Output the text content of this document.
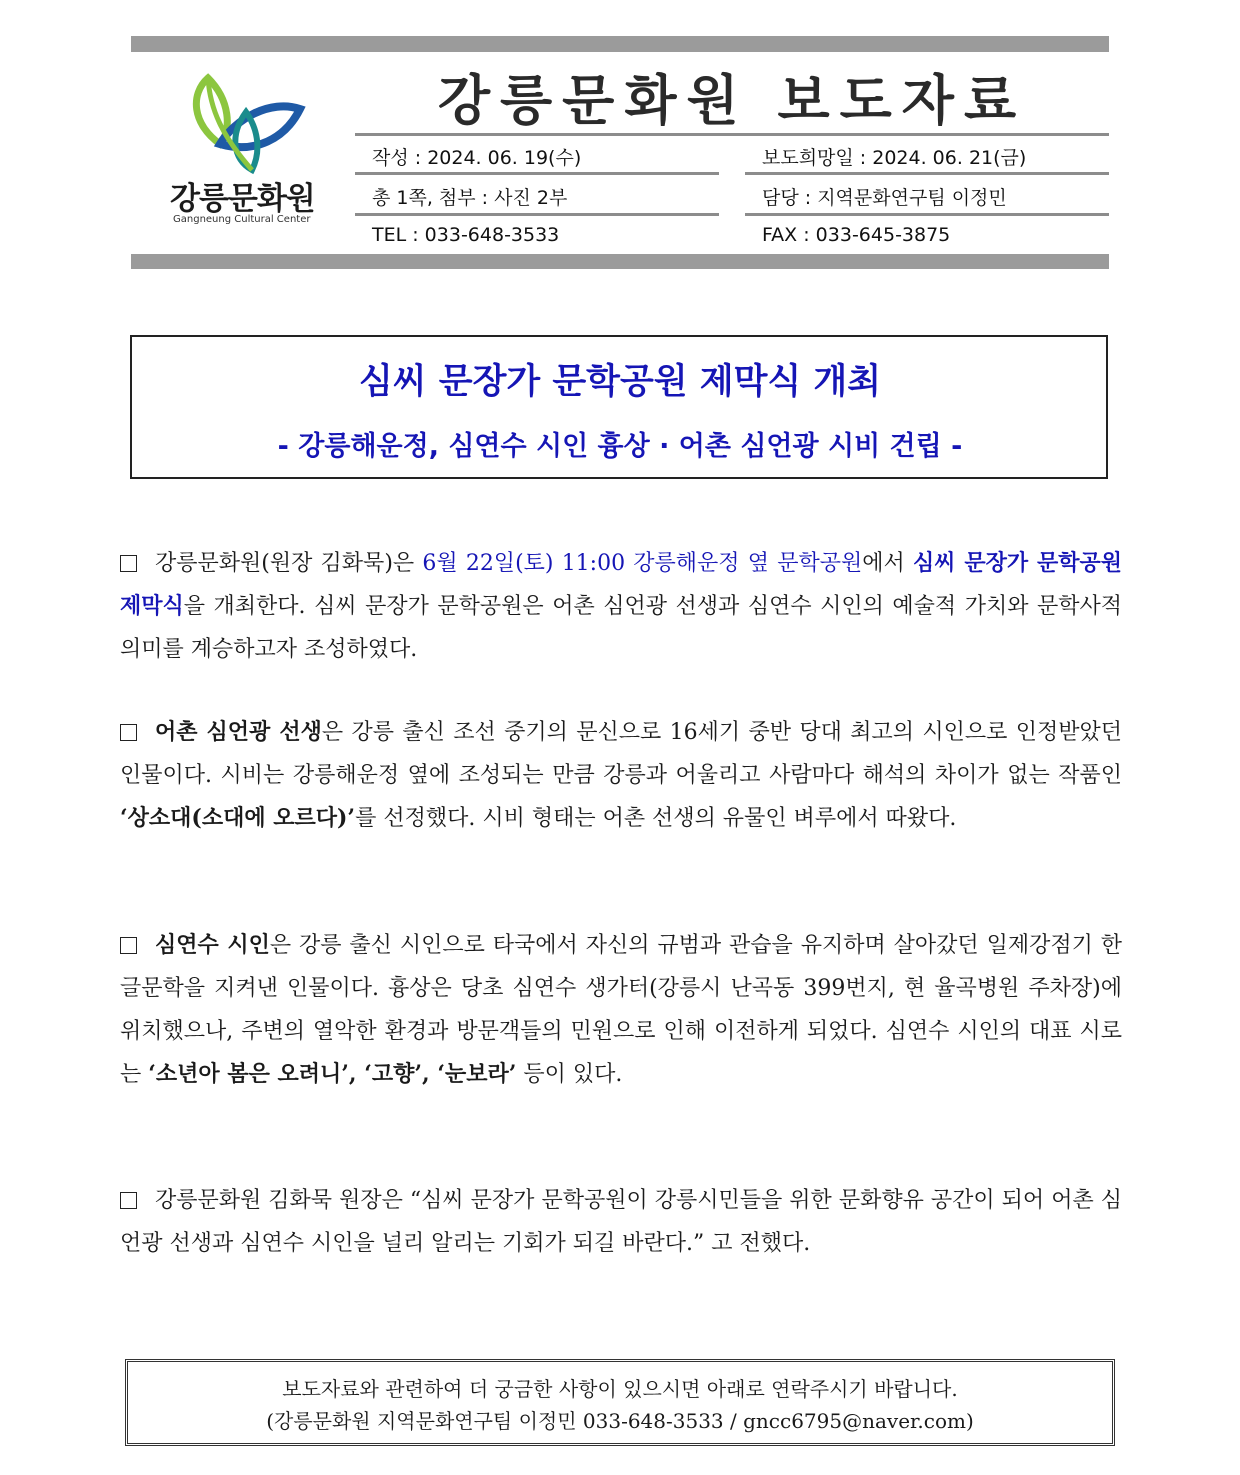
강릉문화원
Gangneung Cultural Center
강릉문화원 보도자료
작성 : 2024. 06. 19(수)	보도희망일 : 2024. 06. 21(금)
총 1쪽, 첨부 : 사진 2부	담당 : 지역문화연구팀 이정민
TEL : 033-648-3533	FAX : 033-645-3875
심씨 문장가 문학공원 제막식 개최
- 강릉해운정, 심연수 시인 흉상 · 어촌 심언광 시비 건립 -
강릉문화원(원장 김화묵)은 6월 22일(토) 11:00 강릉해운정 옆 문학공원에서 심씨 문장가 문학공원 제막식을 개최한다. 심씨 문장가 문학공원은 어촌 심언광 선생과 심연수 시인의 예술적 가치와 문학사적 의미를 계승하고자 조성하였다.
어촌 심언광 선생은 강릉 출신 조선 중기의 문신으로 16세기 중반 당대 최고의 시인으로 인정받았던 인물이다. 시비는 강릉해운정 옆에 조성되는 만큼 강릉과 어울리고 사람마다 해석의 차이가 없는 작품인 ‘상소대(소대에 오르다)’를 선정했다. 시비 형태는 어촌 선생의 유물인 벼루에서 따왔다.
심연수 시인은 강릉 출신 시인으로 타국에서 자신의 규범과 관습을 유지하며 살아갔던 일제강점기 한글문학을 지켜낸 인물이다. 흉상은 당초 심연수 생가터(강릉시 난곡동 399번지, 현 율곡병원 주차장)에 위치했으나, 주변의 열악한 환경과 방문객들의 민원으로 인해 이전하게 되었다. 심연수 시인의 대표 시로는 ‘소년아 봄은 오려니’, ‘고향’, ‘눈보라’ 등이 있다.
강릉문화원 김화묵 원장은 “심씨 문장가 문학공원이 강릉시민들을 위한 문화향유 공간이 되어 어촌 심언광 선생과 심연수 시인을 널리 알리는 기회가 되길 바란다.” 고 전했다.
보도자료와 관련하여 더 궁금한 사항이 있으시면 아래로 연락주시기 바랍니다.
(강릉문화원 지역문화연구팀 이정민 033-648-3533 / gncc6795@naver.com)
